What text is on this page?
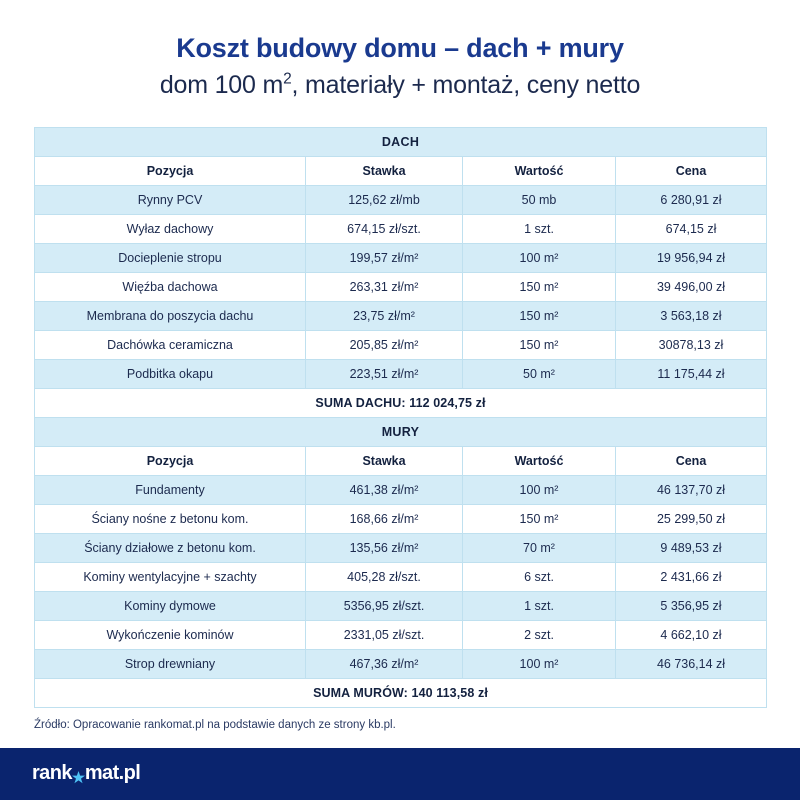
Koszt budowy domu – dach + mury
dom 100 $m^2$, materiały + montaż, ceny netto
DACH			
Pozycja	Stawka	Wartość	Cena
Rynny PCV	125,62 zł/mb	50 mb	6 280,91 zł
Wyłaz dachowy	674,15 zł/szt.	1 szt.	674,15 zł
Docieplenie stropu	199,57 zł/m²	100 m²	19 956,94 zł
Więźba dachowa	263,31 zł/m²	150 m²	39 496,00 zł
Membrana do poszycia dachu	23,75 zł/m²	150 m²	3 563,18 zł
Dachówka ceramiczna	205,85 zł/m²	150 m²	30878,13 zł
Podbitka okapu	223,51 zł/m²	50 m²	11 175,44 zł
SUMA DACHU: 112 024,75 zł			
MURY			
Pozycja	Stawka	Wartość	Cena
Fundamenty	461,38 zł/m²	100 m²	46 137,70 zł
Ściany nośne z betonu kom.	168,66 zł/m²	150 m²	25 299,50 zł
Ściany działowe z betonu kom.	135,56 zł/m²	70 m²	9 489,53 zł
Kominy wentylacyjne + szachty	405,28 zł/szt.	6 szt.	2 431,66 zł
Kominy dymowe	5356,95 zł/szt.	1 szt.	5 356,95 zł
Wykończenie kominów	2331,05 zł/szt.	2 szt.	4 662,10 zł
Strop drewniany	467,36 zł/m²	100 m²	46 736,14 zł
SUMA MURÓW: 140 113,58 zł			
Źródło: Opracowanie rankomat.pl na podstawie danych ze strony kb.pl.
rank mat.pl
